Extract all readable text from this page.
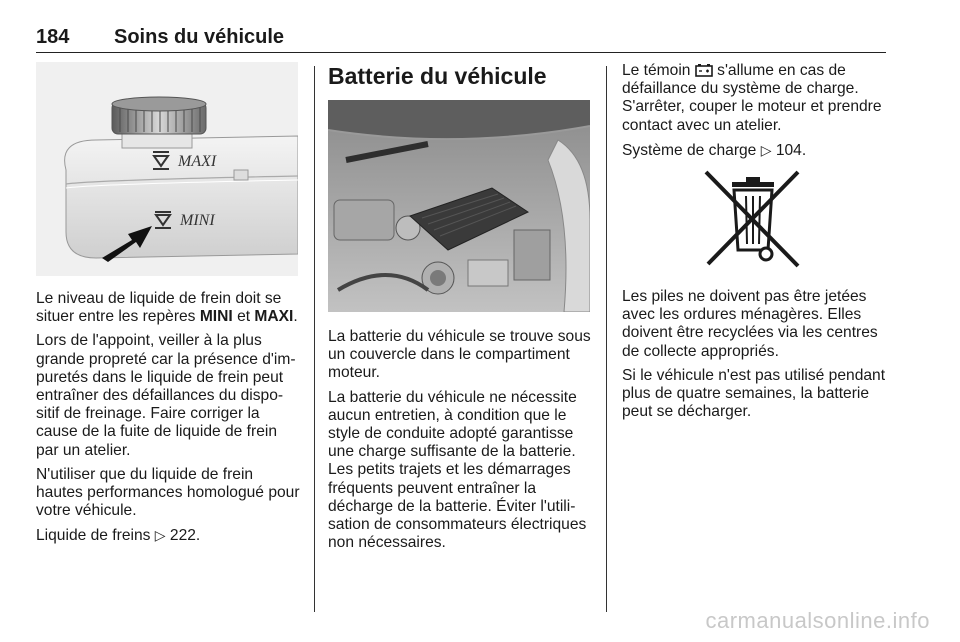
184 Soins du véhicule
MAXI
MINI

Le niveau de liquide de frein doit se situer entre les repères MINI et MAXI.

Lors de l'appoint, veiller à la plus grande propreté car la présence d'im-puretés dans le liquide de frein peut entraîner des défaillances du dispo-sitif de freinage. Faire corriger la cause de la fuite de liquide de frein par un atelier.

N'utiliser que du liquide de frein hautes performances homologué pour votre véhicule.

Liquide de freins ▷ 222.

Batterie du véhicule

La batterie du véhicule se trouve sous un couvercle dans le compartiment moteur.

La batterie du véhicule ne nécessite aucun entretien, à condition que le style de conduite adopté garantisse une charge suffisante de la batterie. Les petits trajets et les démarrages fréquents peuvent entraîner la décharge de la batterie. Éviter l'utili-sation de consommateurs électriques non nécessaires.

Le témoin  s'allume en cas de défaillance du système de charge. S'arrêter, couper le moteur et prendre contact avec un atelier.

Système de charge ▷ 104.

Les piles ne doivent pas être jetées avec les ordures ménagères. Elles doivent être recyclées via les centres de collecte appropriés.

Si le véhicule n'est pas utilisé pendant plus de quatre semaines, la batterie peut se décharger.

carmanualsonline.info
